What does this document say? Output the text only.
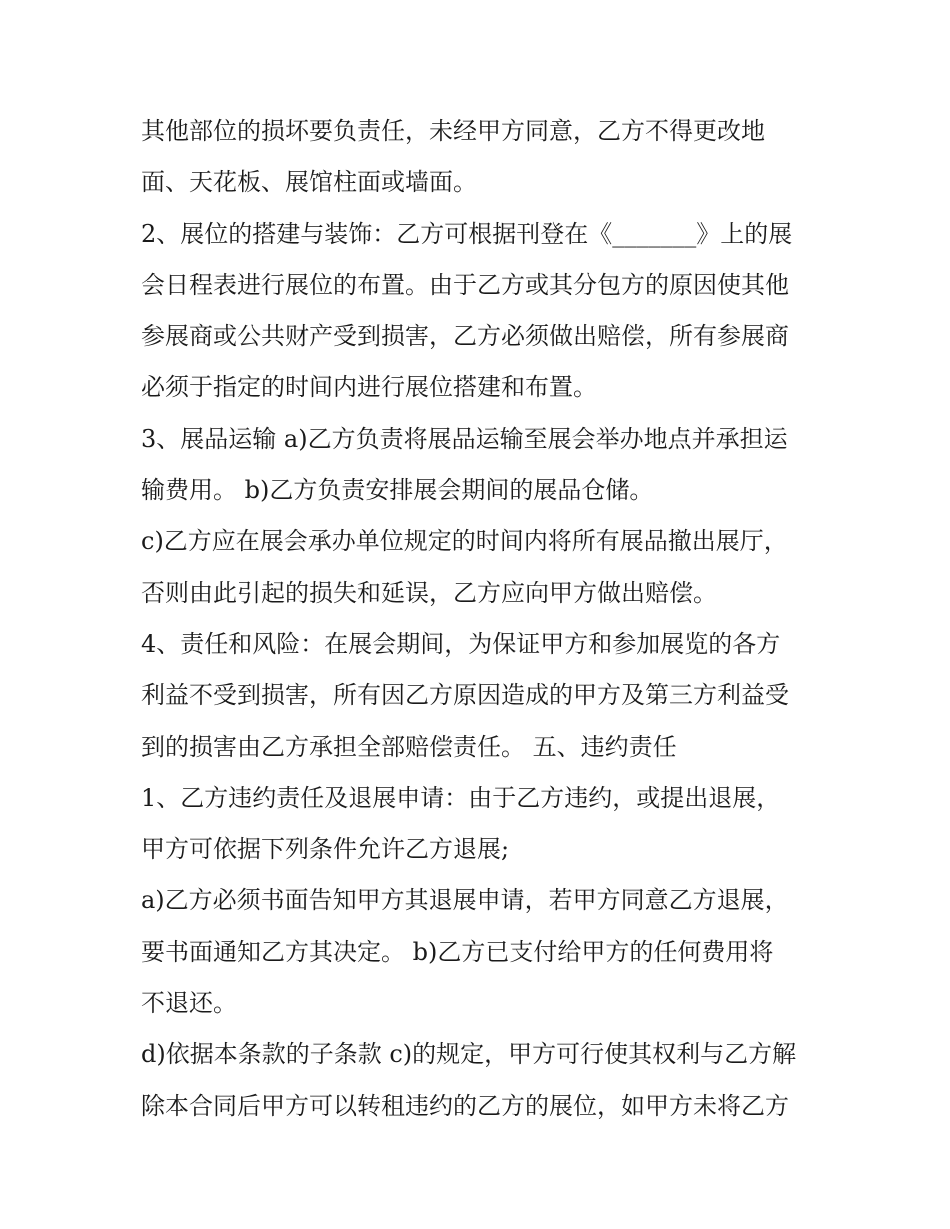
其他部位的损坏要负责任，未经甲方同意，乙方不得更改地
面、天花板、展馆柱面或墙面。
2、展位的搭建与装饰：乙方可根据刊登在《_______》上的展
会日程表进行展位的布置。由于乙方或其分包方的原因使其他
参展商或公共财产受到损害，乙方必须做出赔偿，所有参展商
必须于指定的时间内进行展位搭建和布置。
3、展品运输 a)乙方负责将展品运输至展会举办地点并承担运
输费用。 b)乙方负责安排展会期间的展品仓储。
c)乙方应在展会承办单位规定的时间内将所有展品撤出展厅，
否则由此引起的损失和延误，乙方应向甲方做出赔偿。
4、责任和风险：在展会期间，为保证甲方和参加展览的各方
利益不受到损害，所有因乙方原因造成的甲方及第三方利益受
到的损害由乙方承担全部赔偿责任。 五、违约责任
1、乙方违约责任及退展申请：由于乙方违约，或提出退展，
甲方可依据下列条件允许乙方退展;
a)乙方必须书面告知甲方其退展申请，若甲方同意乙方退展，
要书面通知乙方其决定。 b)乙方已支付给甲方的任何费用将
不退还。
d)依据本条款的子条款 c)的规定，甲方可行使其权利与乙方解
除本合同后甲方可以转租违约的乙方的展位，如甲方未将乙方
